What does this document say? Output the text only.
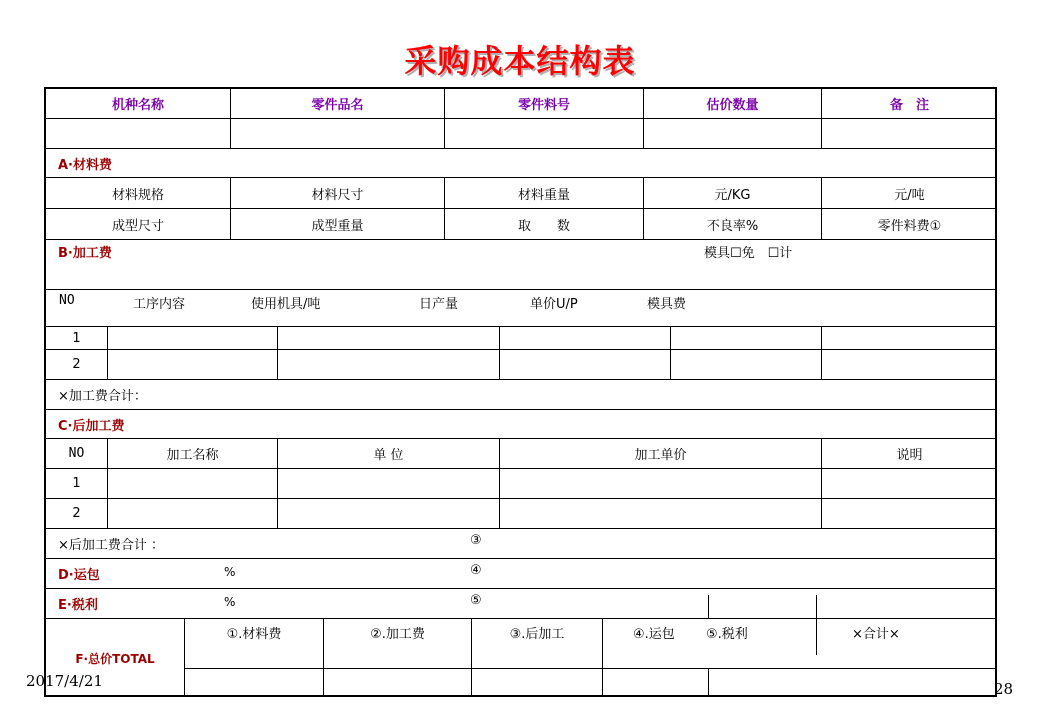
采购成本结构表
机种名称	零件品名	零件料号	估价数量	备　注
A·材料费
材料规格	材料尺寸	材料重量	元/KG	元/吨
成型尺寸	成型重量	取　　数	不良率%	零件料费①
B·加工费	模具☐免　☐计
NO	工序内容	使用机具/吨	日产量	单价U/P	模具费
1
2
×加工费合计：
C·后加工费
NO	加工名称	单 位	加工单价	说明
1
2
×后加工费合计 ：	③
D·运包	%	④
E·税利	%	⑤
F·总价TOTAL
①.材料费	②.加工费	③.后加工	④.运包 ⑤.税利	×合计×
2017/4/21	28
